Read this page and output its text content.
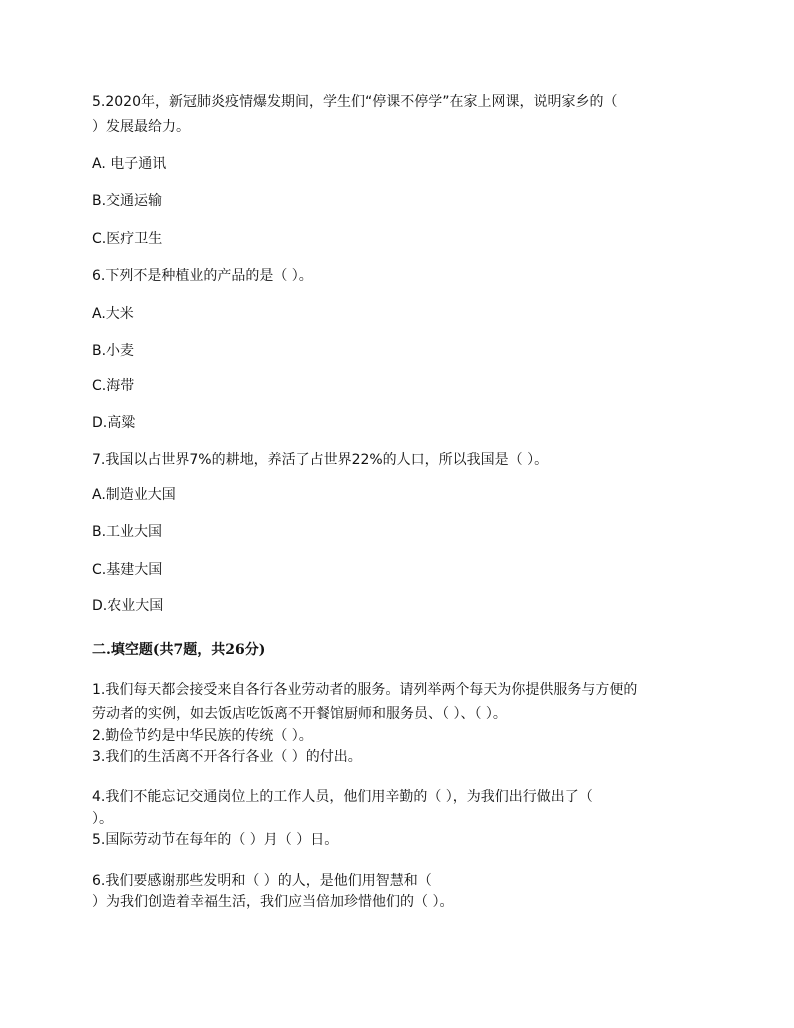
5.2020年，新冠肺炎疫情爆发期间，学生们“停课不停学”在家上网课，说明家乡的（
）发展最给力。
A. 电子通讯
B.交通运输
C.医疗卫生
6.下列不是种植业的产品的是（ ）。
A.大米
B.小麦
C.海带
D.高粱
7.我国以占世界7%的耕地，养活了占世界22%的人口，所以我国是（ ）。
A.制造业大国
B.工业大国
C.基建大国
D.农业大国
二.填空题(共7题，共26分)
1.我们每天都会接受来自各行各业劳动者的服务。请列举两个每天为你提供服务与方便的
劳动者的实例，如去饭店吃饭离不开餐馆厨师和服务员、（ ）、（ ）。
2.勤俭节约是中华民族的传统（ ）。
3.我们的生活离不开各行各业（ ）的付出。
4.我们不能忘记交通岗位上的工作人员，他们用辛勤的（ ），为我们出行做出了（
）。
5.国际劳动节在每年的（ ）月（ ）日。
6.我们要感谢那些发明和（ ）的人，是他们用智慧和（
）为我们创造着幸福生活，我们应当倍加珍惜他们的（ ）。
